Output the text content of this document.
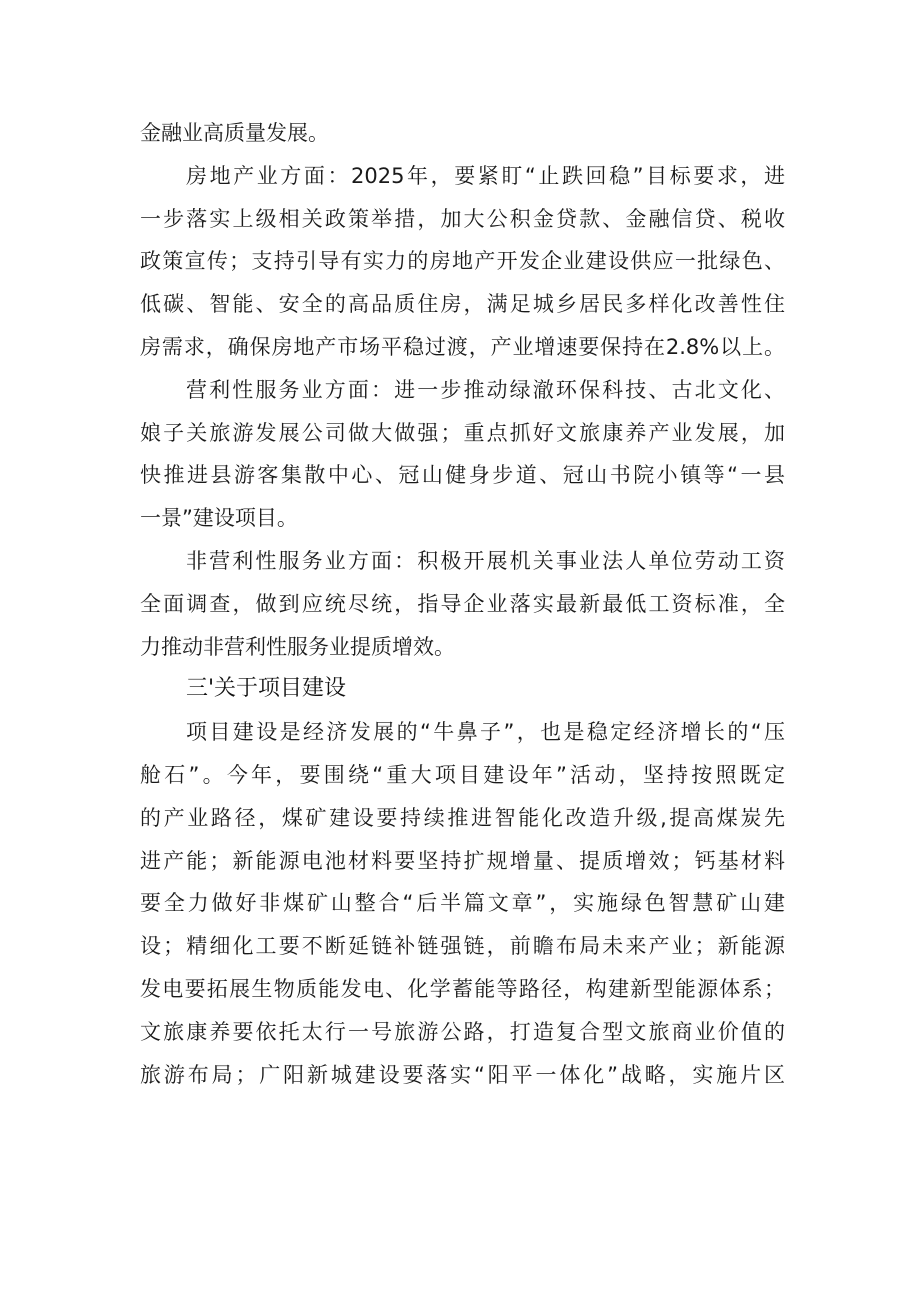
金融业高质量发展。
房地产业方面：2025年，要紧盯“止跌回稳”目标要求，进
一步落实上级相关政策举措，加大公积金贷款、金融信贷、税收
政策宣传；支持引导有实力的房地产开发企业建设供应一批绿色、
低碳、智能、安全的高品质住房，满足城乡居民多样化改善性住
房需求，确保房地产市场平稳过渡，产业增速要保持在2.8%以上。
营利性服务业方面：进一步推动绿澈环保科技、古北文化、
娘子关旅游发展公司做大做强；重点抓好文旅康养产业发展，加
快推进县游客集散中心、冠山健身步道、冠山书院小镇等“一县
一景”建设项目。
非营利性服务业方面：积极开展机关事业法人单位劳动工资
全面调查，做到应统尽统，指导企业落实最新最低工资标准，全
力推动非营利性服务业提质增效。
三'关于项目建设
项目建设是经济发展的“牛鼻子”，也是稳定经济增长的“压
舱石”。今年，要围绕“重大项目建设年”活动，坚持按照既定
的产业路径，煤矿建设要持续推进智能化改造升级,提高煤炭先
进产能；新能源电池材料要坚持扩规增量、提质增效；钙基材料
要全力做好非煤矿山整合“后半篇文章”，实施绿色智慧矿山建
设；精细化工要不断延链补链强链，前瞻布局未来产业；新能源
发电要拓展生物质能发电、化学蓄能等路径，构建新型能源体系；
文旅康养要依托太行一号旅游公路，打造复合型文旅商业价值的
旅游布局；广阳新城建设要落实“阳平一体化”战略，实施片区
